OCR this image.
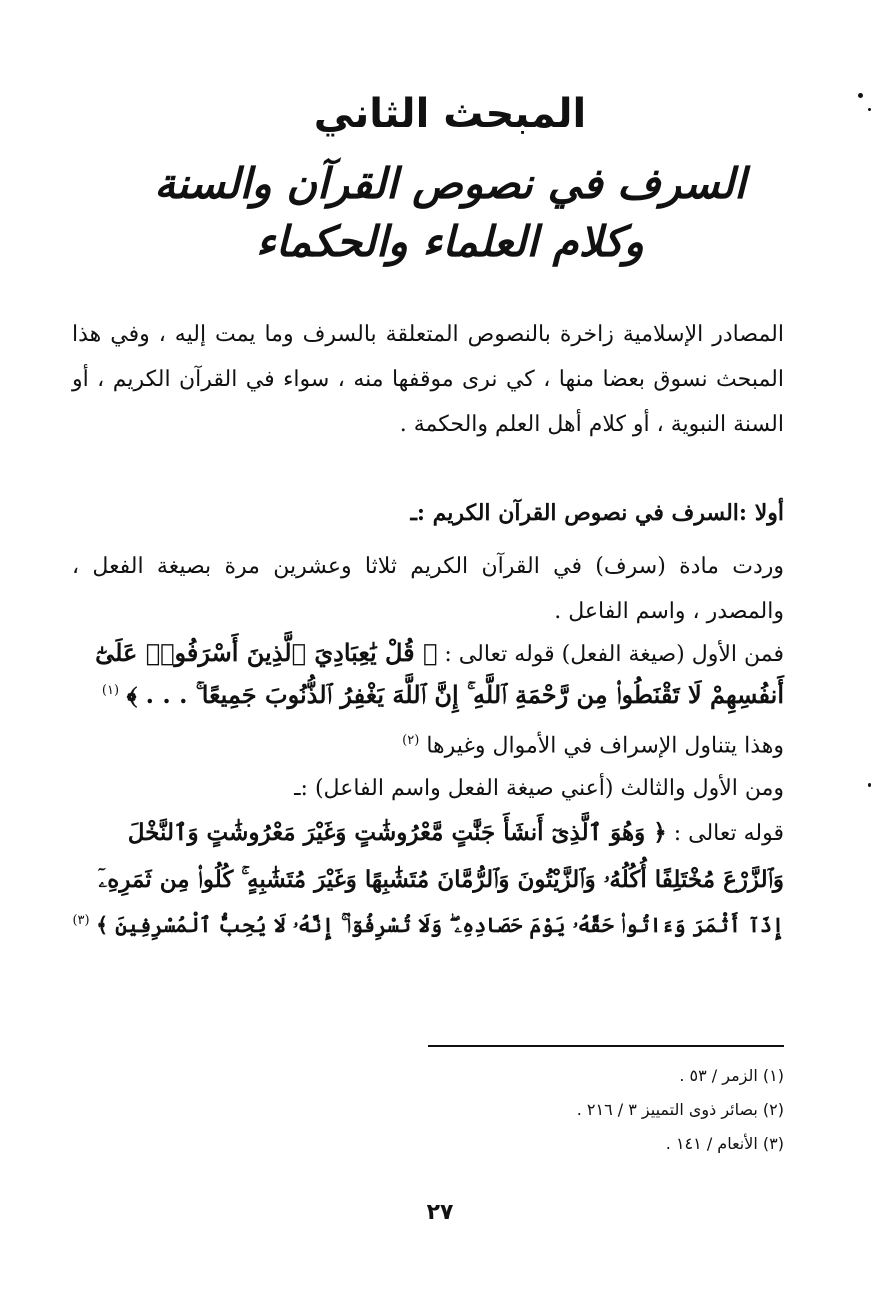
المبحث الثاني
السرف في نصوص القرآن والسنة
وكلام العلماء والحكماء
المصادر الإسلامية زاخرة بالنصوص المتعلقة بالسرف وما يمت إليه ، وفي هذا المبحث نسوق بعضا منها ، كي نرى موقفها منه ، سواء في القرآن الكريم ، أو السنة النبوية ، أو كلام أهل العلم والحكمة .
أولا :السرف في نصوص القرآن الكريم :ـ
وردت مادة (سرف) في القرآن الكريم ثلاثا وعشرين مرة بصيغة الفعل ، والمصدر ، واسم الفاعل .
فمن الأول (صيغة الفعل) قوله تعالى : ﴿ قُلْ يَٰعِبَادِيَ ٱلَّذِينَ أَسْرَفُوا۟ عَلَىٰٓ
أَنفُسِهِمْ لَا تَقْنَطُوا۟ مِن رَّحْمَةِ ٱللَّهِ ۚ إِنَّ ٱللَّهَ يَغْفِرُ ٱلذُّنُوبَ جَمِيعًا ۚ . . . ﴾ $^{(١)}$
وهذا يتناول الإسراف في الأموال وغيرها $^{(٢)}$
ومن الأول والثالث (أعني صيغة الفعل واسم الفاعل) :ـ
قوله تعالى : ﴿ وَهُوَ ٱلَّذِىٓ أَنشَأَ جَنَّٰتٍ مَّعْرُوشَٰتٍ وَغَيْرَ مَعْرُوشَٰتٍ وَٱلنَّخْلَ
وَٱلزَّرْعَ مُخْتَلِفًا أُكُلُهُۥ وَٱلزَّيْتُونَ وَٱلرُّمَّانَ مُتَشَٰبِهًا وَغَيْرَ مُتَشَٰبِهٍ ۚ كُلُوا۟ مِن ثَمَرِهِۦٓ
إِذَآ أَثْمَرَ وَءَاتُوا۟ حَقَّهُۥ يَوْمَ حَصَادِهِۦ ۖ وَلَا تُسْرِفُوٓا۟ ۚ إِنَّهُۥ لَا يُحِبُّ ٱلْمُسْرِفِينَ ﴾ $^{(٣)}$
(١) الزمر / ٥٣ .
(٢) بصائر ذوى التمييز ٣ / ٢١٦ .
(٣) الأنعام / ١٤١ .
٢٧
